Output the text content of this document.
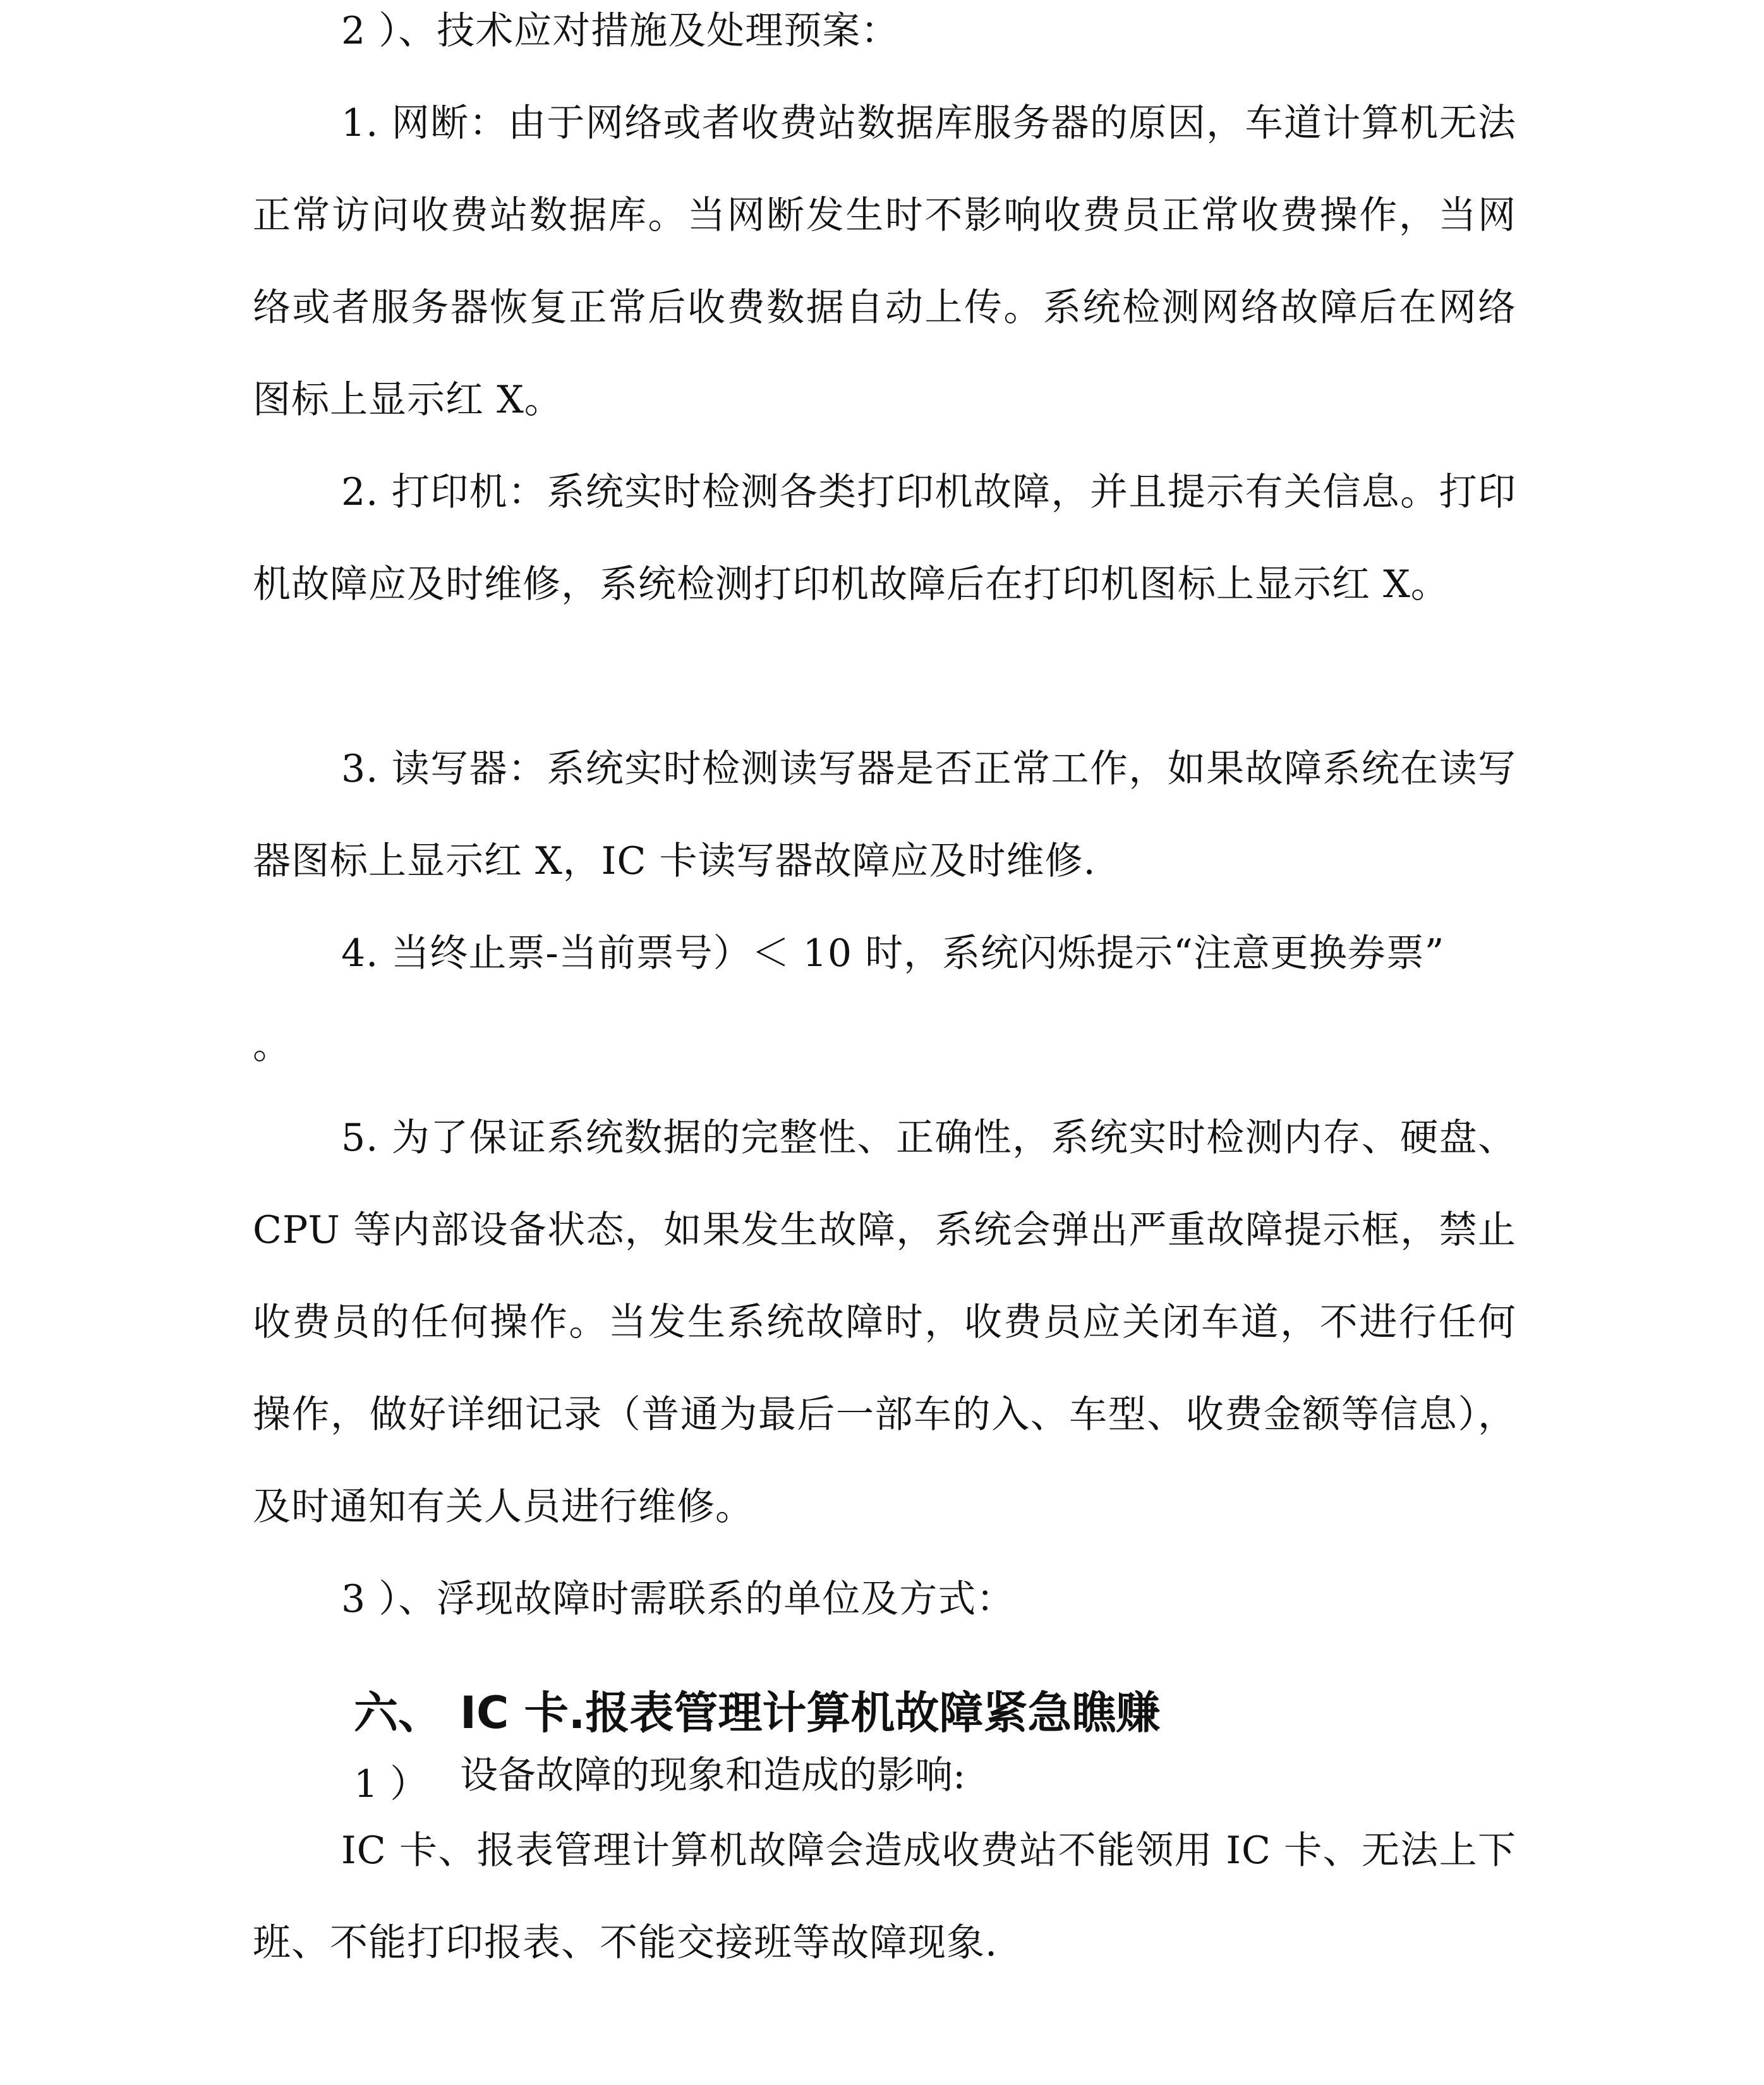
2 ）、技术应对措施及处理预案：

1. 网断：由于网络或者收费站数据库服务器的原因，车道计算机无法正常访问收费站数据库。当网断发生时不影响收费员正常收费操作，当网络或者服务器恢复正常后收费数据自动上传。系统检测网络故障后在网络图标上显示红 X。

2. 打印机：系统实时检测各类打印机故障，并且提示有关信息。打印机故障应及时维修，系统检测打印机故障后在打印机图标上显示红 X。

3. 读写器：系统实时检测读写器是否正常工作，如果故障系统在读写器图标上显示红 X，IC 卡读写器故障应及时维修.

4. 当终止票-当前票号）＜ 10 时，系统闪烁提示“注意更换券票”

。

5. 为了保证系统数据的完整性、正确性，系统实时检测内存、硬盘、CPU 等内部设备状态，如果发生故障，系统会弹出严重故障提示框，禁止收费员的任何操作。当发生系统故障时，收费员应关闭车道，不进行任何操作，做好详细记录（普通为最后一部车的入、车型、收费金额等信息），及时通知有关人员进行维修。

3 ）、浮现故障时需联系的单位及方式：

六、 IC 卡.报表管理计算机故障紧急瞧赚

1 ） 设备故障的现象和造成的影响:

IC 卡、报表管理计算机故障会造成收费站不能领用 IC 卡、无法上下班、不能打印报表、不能交接班等故障现象.
